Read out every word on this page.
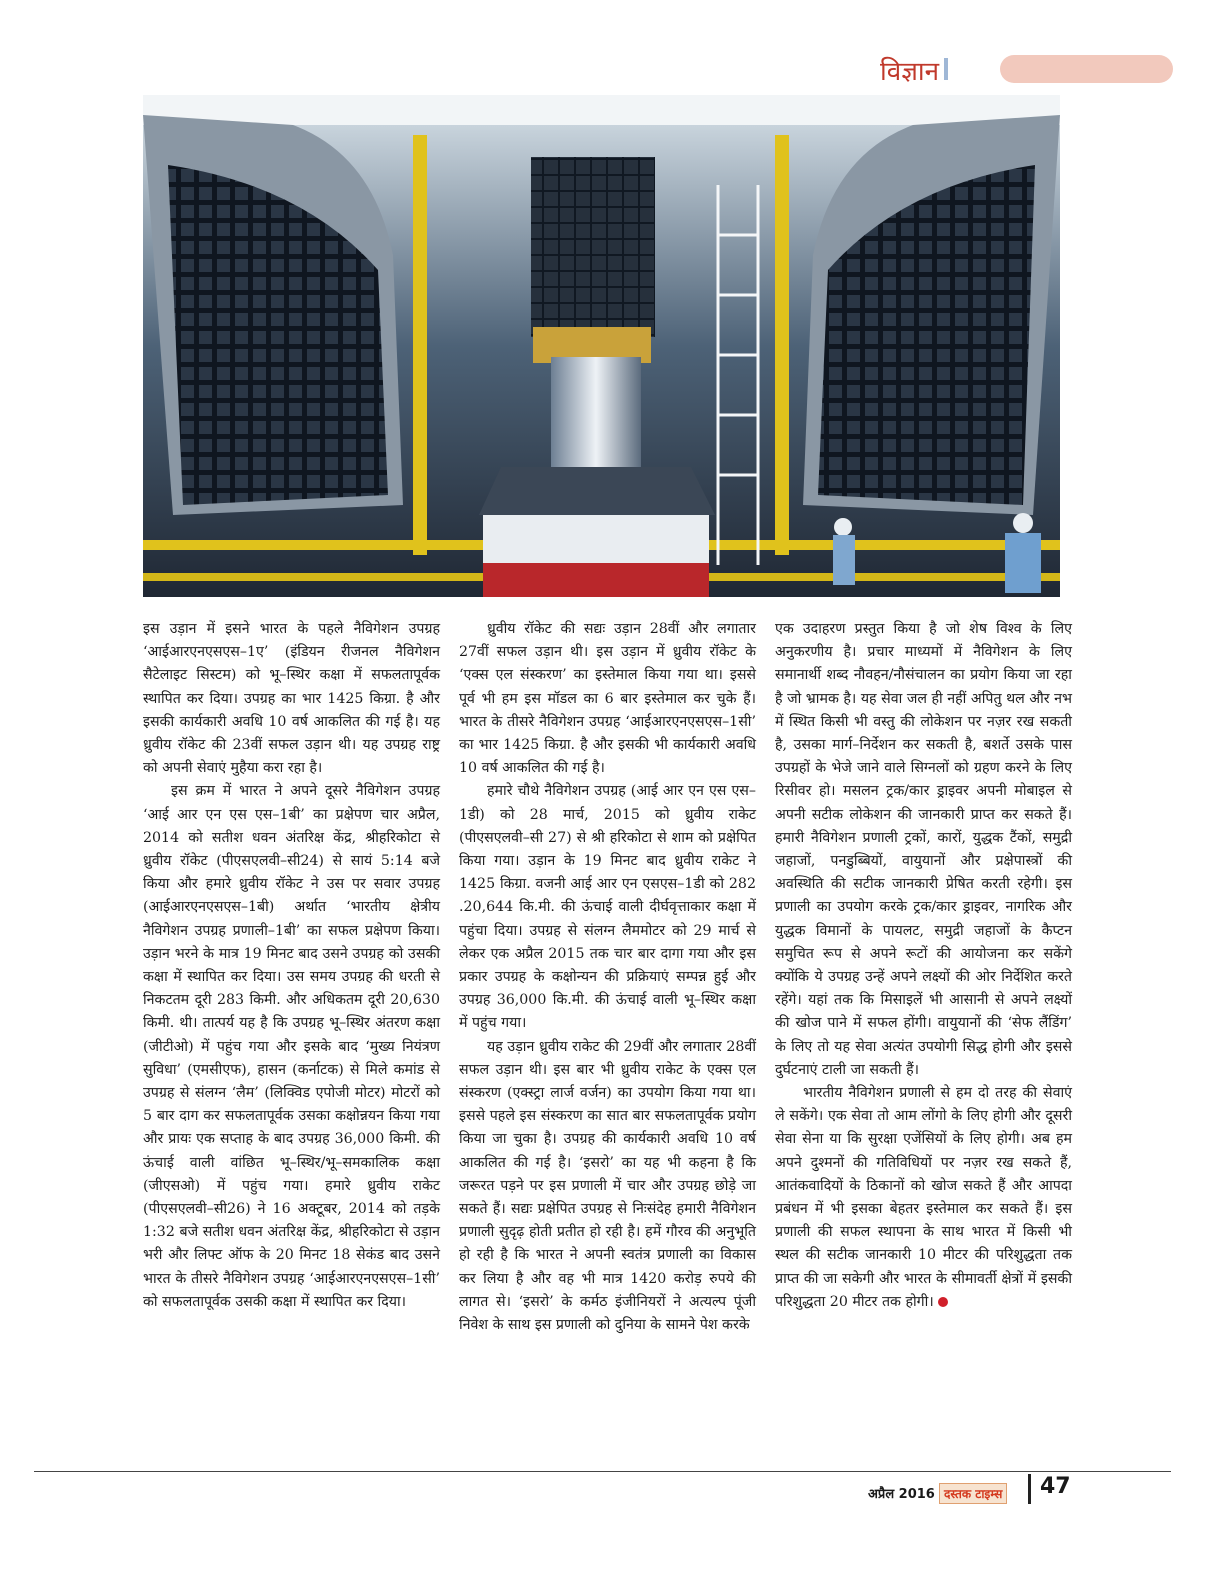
विज्ञान

इस उड़ान में इसने भारत के पहले नैविगेशन उपग्रह ‘आईआरएनएसएस–1ए’ (इंडियन रीजनल नैविगेशन सैटेलाइट सिस्टम) को भू–स्थिर कक्षा में सफलतापूर्वक स्थापित कर दिया। उपग्रह का भार 1425 किग्रा. है और इसकी कार्यकारी अवधि 10 वर्ष आकलित की गई है। यह ध्रुवीय रॉकेट की 23वीं सफल उड़ान थी। यह उपग्रह राष्ट्र को अपनी सेवाएं मुहैया करा रहा है।

इस क्रम में भारत ने अपने दूसरे नैविगेशन उपग्रह ‘आई आर एन एस एस–1बी’ का प्रक्षेपण चार अप्रैल, 2014 को सतीश धवन अंतरिक्ष केंद्र, श्रीहरिकोटा से ध्रुवीय रॉकेट (पीएसएलवी–सी24) से सायं 5:14 बजे किया और हमारे ध्रुवीय रॉकेट ने उस पर सवार उपग्रह (आईआरएनएसएस–1बी) अर्थात ‘भारतीय क्षेत्रीय नैविगेशन उपग्रह प्रणाली–1बी’ का सफल प्रक्षेपण किया। उड़ान भरने के मात्र 19 मिनट बाद उसने उपग्रह को उसकी कक्षा में स्थापित कर दिया। उस समय उपग्रह की धरती से निकटतम दूरी 283 किमी. और अधिकतम दूरी 20,630 किमी. थी। तात्पर्य यह है कि उपग्रह भू–स्थिर अंतरण कक्षा (जीटीओ) में पहुंच गया और इसके बाद ‘मुख्य नियंत्रण सुविधा’ (एमसीएफ), हासन (कर्नाटक) से मिले कमांड से उपग्रह से संलग्न ‘लैम’ (लिक्विड एपोजी मोटर) मोटरों को 5 बार दाग कर सफलतापूर्वक उसका कक्षोन्नयन किया गया और प्रायः एक सप्ताह के बाद उपग्रह 36,000 किमी. की ऊंचाई वाली वांछित भू–स्थिर/भू–समकालिक कक्षा (जीएसओ) में पहुंच गया। हमारे ध्रुवीय राकेट (पीएसएलवी–सी26) ने 16 अक्टूबर, 2014 को तड़के 1:32 बजे सतीश धवन अंतरिक्ष केंद्र, श्रीहरिकोटा से उड़ान भरी और लिफ्ट ऑफ के 20 मिनट 18 सेकंड बाद उसने भारत के तीसरे नैविगेशन उपग्रह ‘आईआरएनएसएस–1सी’ को सफलतापूर्वक उसकी कक्षा में स्थापित कर दिया।

ध्रुवीय रॉकेट की सद्यः उड़ान 28वीं और लगातार 27वीं सफल उड़ान थी। इस उड़ान में ध्रुवीय रॉकेट के ‘एक्स एल संस्करण’ का इस्तेमाल किया गया था। इससे पूर्व भी हम इस मॉडल का 6 बार इस्तेमाल कर चुके हैं। भारत के तीसरे नैविगेशन उपग्रह ‘आईआरएनएसएस–1सी’ का भार 1425 किग्रा. है और इसकी भी कार्यकारी अवधि 10 वर्ष आकलित की गई है।

हमारे चौथे नैविगेशन उपग्रह (आई आर एन एस एस–1डी) को 28 मार्च, 2015 को ध्रुवीय राकेट (पीएसएलवी–सी 27) से श्री हरिकोटा से शाम को प्रक्षेपित किया गया। उड़ान के 19 मिनट बाद ध्रुवीय राकेट ने 1425 किग्रा. वजनी आई आर एन एसएस–1डी को 282 .20,644 कि.मी. की ऊंचाई वाली दीर्घवृत्ताकार कक्षा में पहुंचा दिया। उपग्रह से संलग्न लैममोटर को 29 मार्च से लेकर एक अप्रैल 2015 तक चार बार दागा गया और इस प्रकार उपग्रह के कक्षोन्यन की प्रक्रियाएं सम्पन्न हुई और उपग्रह 36,000 कि.मी. की ऊंचाई वाली भू–स्थिर कक्षा में पहुंच गया।

यह उड़ान ध्रुवीय राकेट की 29वीं और लगातार 28वीं सफल उड़ान थी। इस बार भी ध्रुवीय राकेट के एक्स एल संस्करण (एक्स्ट्रा लार्ज वर्जन) का उपयोग किया गया था। इससे पहले इस संस्करण का सात बार सफलतापूर्वक प्रयोग किया जा चुका है। उपग्रह की कार्यकारी अवधि 10 वर्ष आकलित की गई है। ‘इसरो’ का यह भी कहना है कि जरूरत पड़ने पर इस प्रणाली में चार और उपग्रह छोड़े जा सकते हैं। सद्यः प्रक्षेपित उपग्रह से निःसंदेह हमारी नैविगेशन प्रणाली सुदृढ़ होती प्रतीत हो रही है। हमें गौरव की अनुभूति हो रही है कि भारत ने अपनी स्वतंत्र प्रणाली का विकास कर लिया है और वह भी मात्र 1420 करोड़ रुपये की लागत से। ‘इसरो’ के कर्मठ इंजीनियरों ने अत्यल्प पूंजी निवेश के साथ इस प्रणाली को दुनिया के सामने पेश करके

एक उदाहरण प्रस्तुत किया है जो शेष विश्व के लिए अनुकरणीय है। प्रचार माध्यमों में नैविगेशन के लिए समानार्थी शब्द नौवहन/नौसंचालन का प्रयोग किया जा रहा है जो भ्रामक है। यह सेवा जल ही नहीं अपितु थल और नभ में स्थित किसी भी वस्तु की लोकेशन पर नज़र रख सकती है, उसका मार्ग–निर्देशन कर सकती है, बशर्ते उसके पास उपग्रहों के भेजे जाने वाले सिग्नलों को ग्रहण करने के लिए रिसीवर हो। मसलन ट्रक/कार ड्राइवर अपनी मोबाइल से अपनी सटीक लोकेशन की जानकारी प्राप्त कर सकते हैं। हमारी नैविगेशन प्रणाली ट्रकों, कारों, युद्धक टैंकों, समुद्री जहाजों, पनडुब्बियों, वायुयानों और प्रक्षेपास्त्रों की अवस्थिति की सटीक जानकारी प्रेषित करती रहेगी। इस प्रणाली का उपयोग करके ट्रक/कार ड्राइवर, नागरिक और युद्धक विमानों के पायलट, समुद्री जहाजों के कैप्टन समुचित रूप से अपने रूटों की आयोजना कर सकेंगे क्योंकि ये उपग्रह उन्हें अपने लक्ष्यों की ओर निर्देशित करते रहेंगे। यहां तक कि मिसाइलें भी आसानी से अपने लक्ष्यों की खोज पाने में सफल होंगी। वायुयानों की ‘सेफ लैंडिंग’ के लिए तो यह सेवा अत्यंत उपयोगी सिद्ध होगी और इससे दुर्घटनाएं टाली जा सकती हैं।

भारतीय नैविगेशन प्रणाली से हम दो तरह की सेवाएं ले सकेंगे। एक सेवा तो आम लोंगो के लिए होगी और दूसरी सेवा सेना या कि सुरक्षा एजेंसियों के लिए होगी। अब हम अपने दुश्मनों की गतिविधियों पर नज़र रख सकते हैं, आतंकवादियों के ठिकानों को खोज सकते हैं और आपदा प्रबंधन में भी इसका बेहतर इस्तेमाल कर सकते हैं। इस प्रणाली की सफल स्थापना के साथ भारत में किसी भी स्थल की सटीक जानकारी 10 मीटर की परिशुद्धता तक प्राप्त की जा सकेगी और भारत के सीमावर्ती क्षेत्रों में इसकी परिशुद्धता 20 मीटर तक होगी।

अप्रैल 2016 दस्तक टाइम्स 47
